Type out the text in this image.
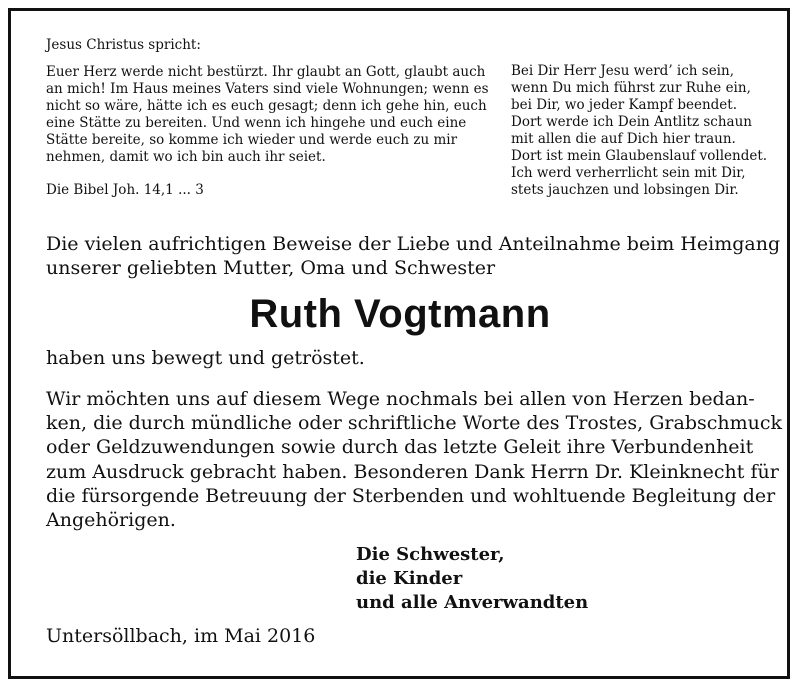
Jesus Christus spricht:
Euer Herz werde nicht bestürzt. Ihr glaubt an Gott, glaubt auch
an mich! Im Haus meines Vaters sind viele Wohnungen; wenn es
nicht so wäre, hätte ich es euch gesagt; denn ich gehe hin, euch
eine Stätte zu bereiten. Und wenn ich hingehe und euch eine
Stätte bereite, so komme ich wieder und werde euch zu mir
nehmen, damit wo ich bin auch ihr seiet.
Die Bibel Joh. 14,1 ... 3
Bei Dir Herr Jesu werd’ ich sein,
wenn Du mich führst zur Ruhe ein,
bei Dir, wo jeder Kampf beendet.
Dort werde ich Dein Antlitz schaun
mit allen die auf Dich hier traun.
Dort ist mein Glaubenslauf vollendet.
Ich werd verherrlicht sein mit Dir,
stets jauchzen und lobsingen Dir.
Die vielen aufrichtigen Beweise der Liebe und Anteilnahme beim Heimgang
unserer geliebten Mutter, Oma und Schwester
Ruth Vogtmann
haben uns bewegt und getröstet.
Wir möchten uns auf diesem Wege nochmals bei allen von Herzen bedan-
ken, die durch mündliche oder schriftliche Worte des Trostes, Grabschmuck
oder Geldzuwendungen sowie durch das letzte Geleit ihre Verbundenheit
zum Ausdruck gebracht haben. Besonderen Dank Herrn Dr. Kleinknecht für
die fürsorgende Betreuung der Sterbenden und wohltuende Begleitung der
Angehörigen.
Die Schwester,
die Kinder
und alle Anverwandten
Untersöllbach, im Mai 2016
